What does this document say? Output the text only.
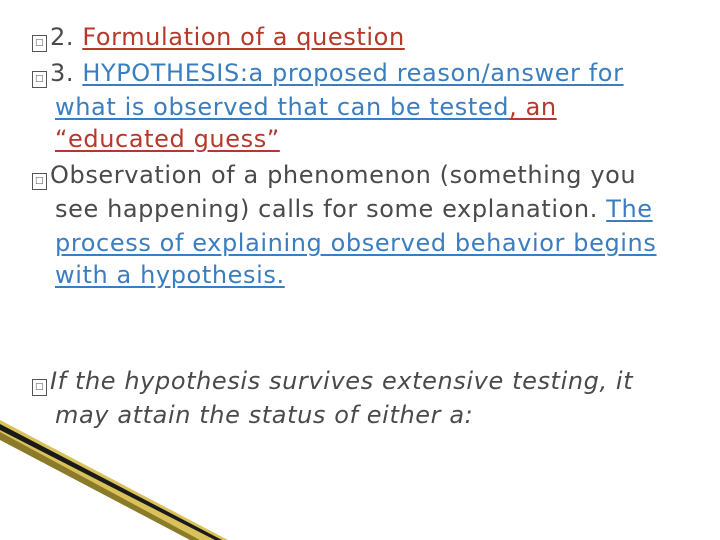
□ 2. Formulation of a question
□ 3. HYPOTHESIS:a proposed reason/answer for
what is observed that can be tested, an
“educated guess”
□ Observation of a phenomenon (something you
see happening) calls for some explanation. The
process of explaining observed behavior begins
with a hypothesis.
□ If the hypothesis survives extensive testing, it
may attain the status of either a:
